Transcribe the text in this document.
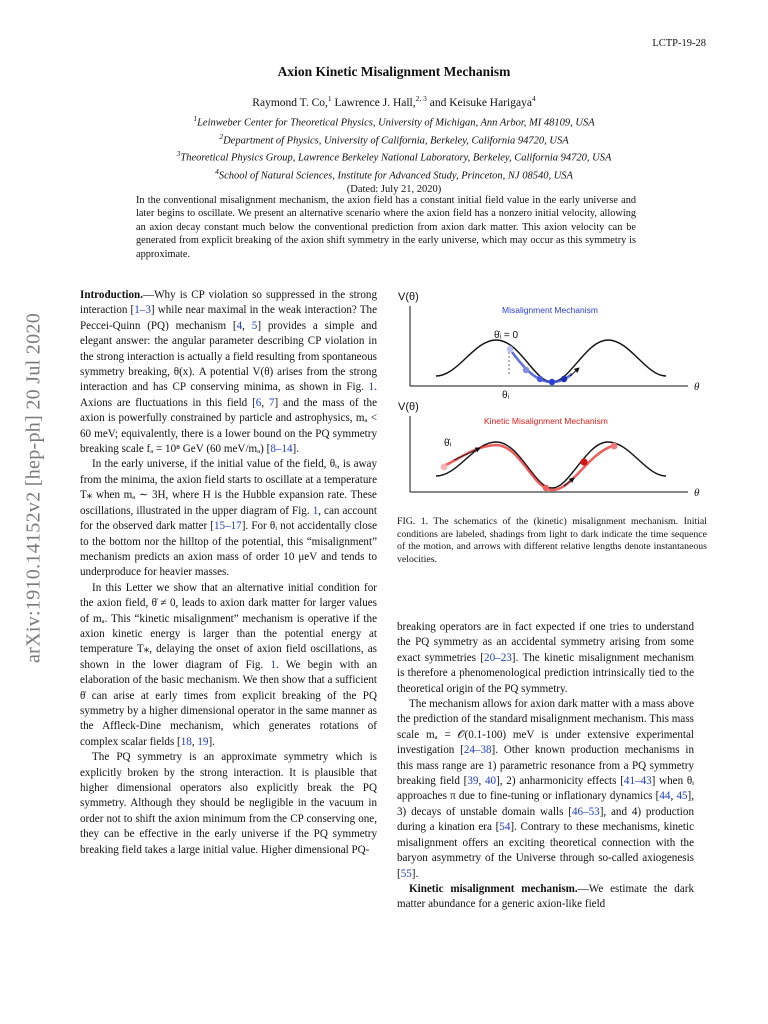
LCTP-19-28
arXiv:1910.14152v2 [hep-ph] 20 Jul 2020
Axion Kinetic Misalignment Mechanism
Raymond T. Co,$^1$ Lawrence J. Hall,$^{2, 3}$ and Keisuke Harigaya$^4$
$^1$Leinweber Center for Theoretical Physics, University of Michigan, Ann Arbor, MI 48109, USA
$^2$Department of Physics, University of California, Berkeley, California 94720, USA
$^3$Theoretical Physics Group, Lawrence Berkeley National Laboratory, Berkeley, California 94720, USA
$^4$School of Natural Sciences, Institute for Advanced Study, Princeton, NJ 08540, USA
(Dated: July 21, 2020)
In the conventional misalignment mechanism, the axion field has a constant initial field value in the early universe and later begins to oscillate. We present an alternative scenario where the axion field has a nonzero initial velocity, allowing an axion decay constant much below the conventional prediction from axion dark matter. This axion velocity can be generated from explicit breaking of the axion shift symmetry in the early universe, which may occur as this symmetry is approximate.

Introduction.—Why is CP violation so suppressed in the strong interaction [1–3] while near maximal in the weak interaction? The Peccei-Quinn (PQ) mechanism [4, 5] provides a simple and elegant answer: the angular parameter describing CP violation in the strong interaction is actually a field resulting from spontaneous symmetry breaking, θ(x). A potential V(θ) arises from the strong interaction and has CP conserving minima, as shown in Fig. 1. Axions are fluctuations in this field [6, 7] and the mass of the axion is powerfully constrained by particle and astrophysics, mₐ < 60 meV; equivalently, there is a lower bound on the PQ symmetry breaking scale fₐ = 10⁸ GeV (60 meV/mₐ) [8–14].

In the early universe, if the initial value of the field, θᵢ, is away from the minima, the axion field starts to oscillate at a temperature T⁎ when mₐ ∼ 3H, where H is the Hubble expansion rate. These oscillations, illustrated in the upper diagram of Fig. 1, can account for the observed dark matter [15–17]. For θᵢ not accidentally close to the bottom nor the hilltop of the potential, this “misalignment” mechanism predicts an axion mass of order 10 μeV and tends to underproduce for heavier masses.

In this Letter we show that an alternative initial condition for the axion field, θ̇ ≠ 0, leads to axion dark matter for larger values of mₐ. This “kinetic misalignment” mechanism is operative if the axion kinetic energy is larger than the potential energy at temperature T⁎, delaying the onset of axion field oscillations, as shown in the lower diagram of Fig. 1. We begin with an elaboration of the basic mechanism. We then show that a sufficient θ̇ can arise at early times from explicit breaking of the PQ symmetry by a higher dimensional operator in the same manner as the Affleck-Dine mechanism, which generates rotations of complex scalar fields [18, 19].

The PQ symmetry is an approximate symmetry which is explicitly broken by the strong interaction. It is plausible that higher dimensional operators also explicitly break the PQ symmetry. Although they should be negligible in the vacuum in order not to shift the axion minimum from the CP conserving one, they can be effective in the early universe if the PQ symmetry breaking field takes a large initial value. Higher dimensional PQ-

V(θ)
Misalignment Mechanism
θ̇ᵢ = 0
θᵢ
θ
V(θ)
Kinetic Misalignment Mechanism
θ̇ᵢ
θ
FIG. 1. The schematics of the (kinetic) misalignment mechanism. Initial conditions are labeled, shadings from light to dark indicate the time sequence of the motion, and arrows with different relative lengths denote instantaneous velocities.

breaking operators are in fact expected if one tries to understand the PQ symmetry as an accidental symmetry arising from some exact symmetries [20–23]. The kinetic misalignment mechanism is therefore a phenomenological prediction intrinsically tied to the theoretical origin of the PQ symmetry.

The mechanism allows for axion dark matter with a mass above the prediction of the standard misalignment mechanism. This mass scale mₐ = 𝒪(0.1-100) meV is under extensive experimental investigation [24–38]. Other known production mechanisms in this mass range are 1) parametric resonance from a PQ symmetry breaking field [39, 40], 2) anharmonicity effects [41–43] when θᵢ approaches π due to fine-tuning or inflationary dynamics [44, 45], 3) decays of unstable domain walls [46–53], and 4) production during a kination era [54]. Contrary to these mechanisms, kinetic misalignment offers an exciting theoretical connection with the baryon asymmetry of the Universe through so-called axiogenesis [55].

Kinetic misalignment mechanism.—We estimate the dark matter abundance for a generic axion-like field
